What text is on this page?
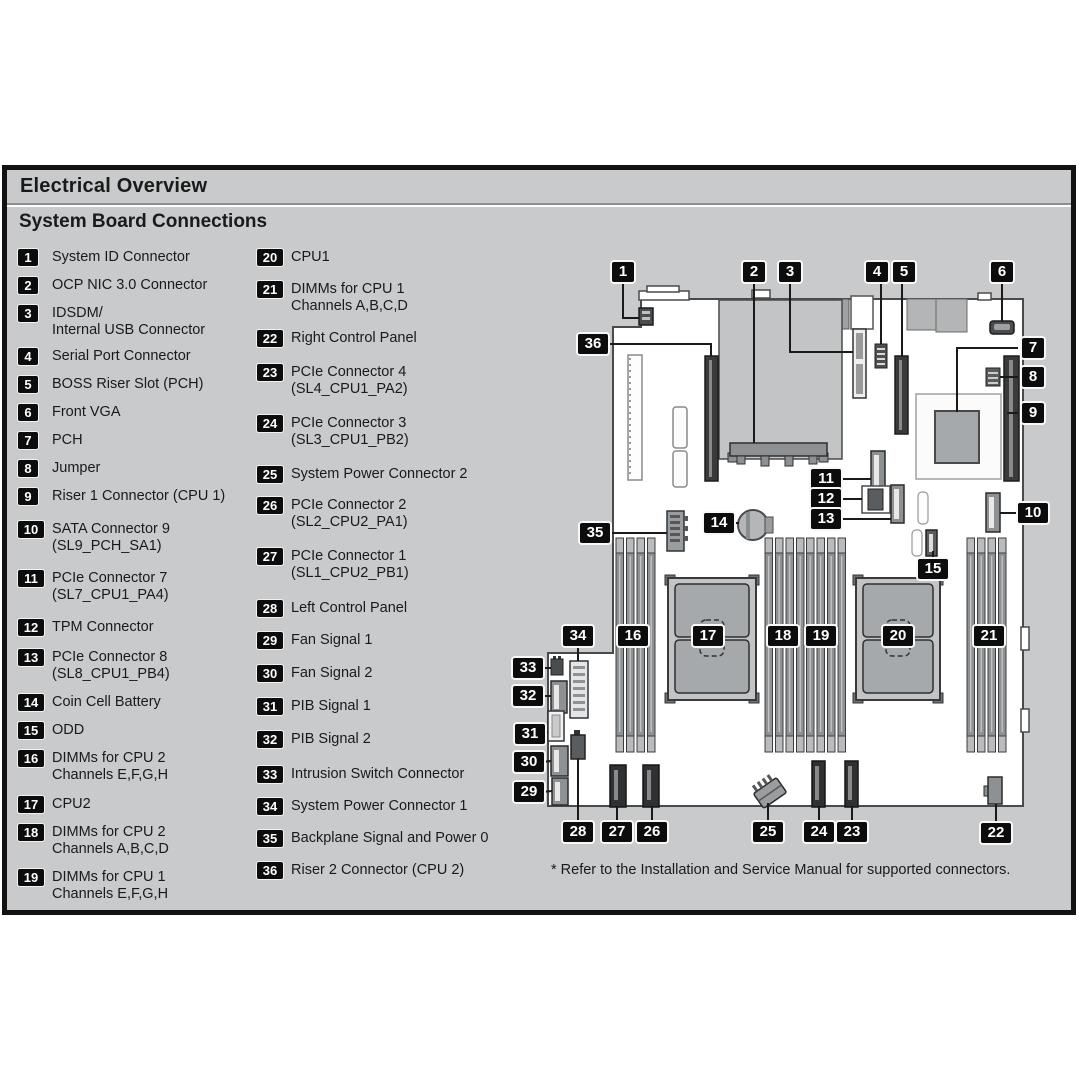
Electrical Overview
System Board Connections
1	System ID Connector
2	OCP NIC 3.0 Connector
3	IDSDM/
Internal USB Connector
4	Serial Port Connector
5	BOSS Riser Slot (PCH)
6	Front VGA
7	PCH
8	Jumper
9	Riser 1 Connector (CPU 1)
10 SATA Connector 9
(SL9_PCH_SA1)
11 PCIe Connector 7
(SL7_CPU1_PA4)
12 TPM Connector
13 PCIe Connector 8
(SL8_CPU1_PB4)
14 Coin Cell Battery
15 ODD
16 DIMMs for CPU 2
Channels E,F,G,H
17 CPU2
18 DIMMs for CPU 2
Channels A,B,C,D
19 DIMMs for CPU 1
Channels E,F,G,H
20 CPU1
21 DIMMs for CPU 1
Channels A,B,C,D
22 Right Control Panel
23 PCIe Connector 4
(SL4_CPU1_PA2)
24 PCIe Connector 3
(SL3_CPU1_PB2)
25 System Power Connector 2
26 PCIe Connector 2
(SL2_CPU2_PA1)
27 PCIe Connector 1
(SL1_CPU2_PB1)
28 Left Control Panel
29 Fan Signal 1
30 Fan Signal 2
31 PIB Signal 1
32 PIB Signal 2
33 Intrusion Switch Connector
34 System Power Connector 1
35 Backplane Signal and Power 0
36 Riser 2 Connector (CPU 2)
1	2	3	4	5	6
7
8
9
10
11
12
13
14
15
16	17	18	19	20	21
22
23
24
25
26
27
28
29
30
31
32
33
34
35
36
* Refer to the Installation and Service Manual for supported connectors.
